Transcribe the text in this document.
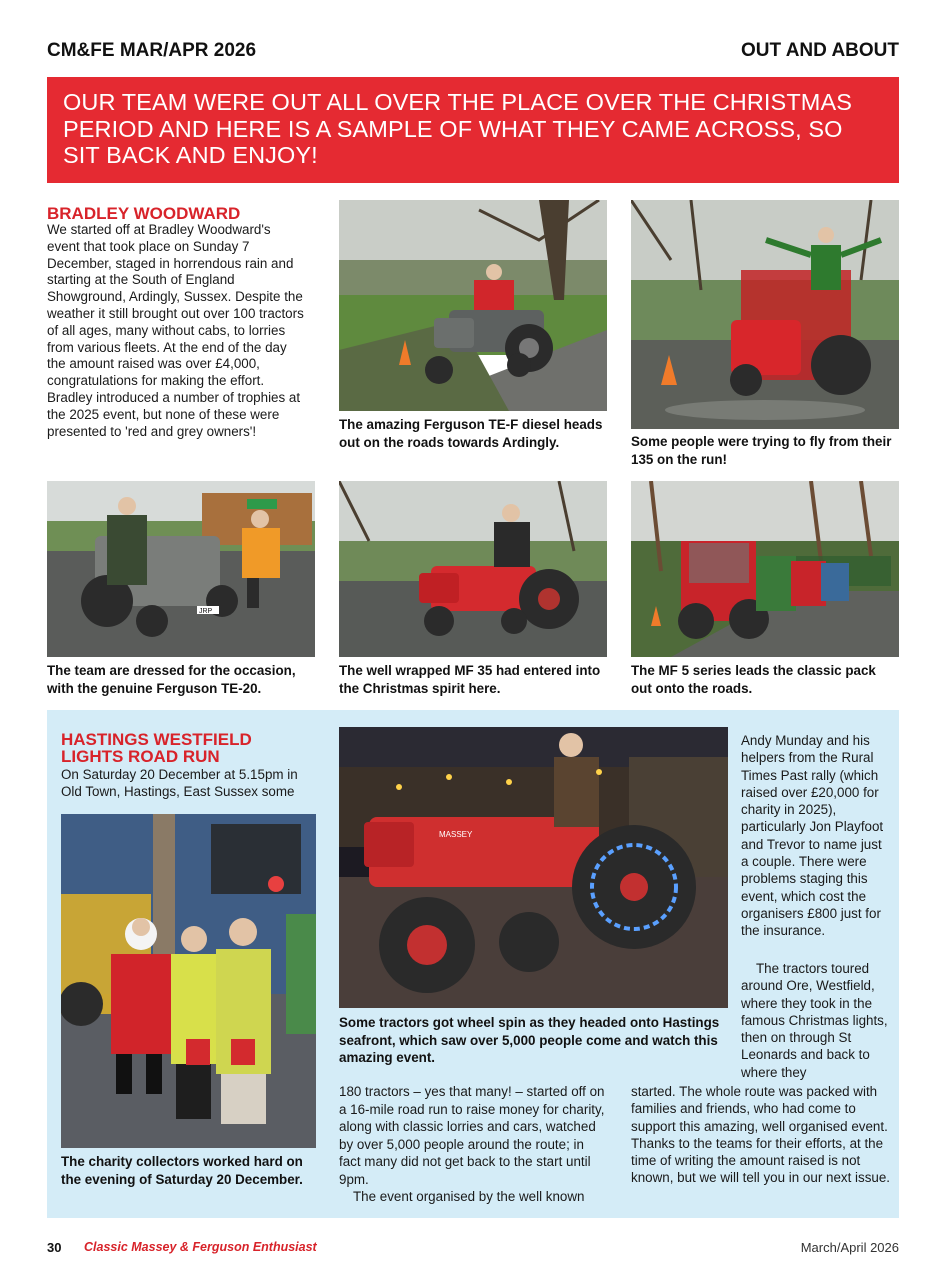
CM&FE MAR/APR 2026	OUT AND ABOUT
OUR TEAM WERE OUT ALL OVER THE PLACE OVER THE CHRISTMAS PERIOD AND HERE IS A SAMPLE OF WHAT THEY CAME ACROSS, SO SIT BACK AND ENJOY!
BRADLEY WOODWARD
We started off at Bradley Woodward's event that took place on Sunday 7 December, staged in horrendous rain and starting at the South of England Showground, Ardingly, Sussex. Despite the weather it still brought out over 100 tractors of all ages, many without cabs, to lorries from various fleets. At the end of the day the amount raised was over £4,000, congratulations for making the effort. Bradley introduced a number of trophies at the 2025 event, but none of these were presented to 'red and grey owners'!	The amazing Ferguson TE-F diesel heads out on the roads towards Ardingly.	Some people were trying to fly from their 135 on the run!
JRP
The team are dressed for the occasion, with the genuine Ferguson TE-20.
The well wrapped MF 35 had entered into the Christmas spirit here.
The MF 5 series leads the classic pack out onto the roads.
HASTINGS WESTFIELD LIGHTS ROAD RUN
On Saturday 20 December at 5.15pm in Old Town, Hastings, East Sussex some
The charity collectors worked hard on the evening of Saturday 20 December.
MASSEY
Some tractors got wheel spin as they headed onto Hastings seafront, which saw over 5,000 people come and watch this amazing event.
180 tractors – yes that many! – started off on a 16-mile road run to raise money for charity, along with classic lorries and cars, watched by over 5,000 people around the route; in fact many did not get back to the start until 9pm.
The event organised by the well known
Andy Munday and his helpers from the Rural Times Past rally (which raised over £20,000 for charity in 2025), particularly Jon Playfoot and Trevor to name just a couple. There were problems staging this event, which cost the organisers £800 just for the insurance.
The tractors toured around Ore, Westfield, where they took in the famous Christmas lights, then on through St Leonards and back to where they
started. The whole route was packed with families and friends, who had come to support this amazing, well organised event. Thanks to the teams for their efforts, at the time of writing the amount raised is not known, but we will tell you in our next issue.
30 Classic Massey & Ferguson Enthusiast	March/April 2026
